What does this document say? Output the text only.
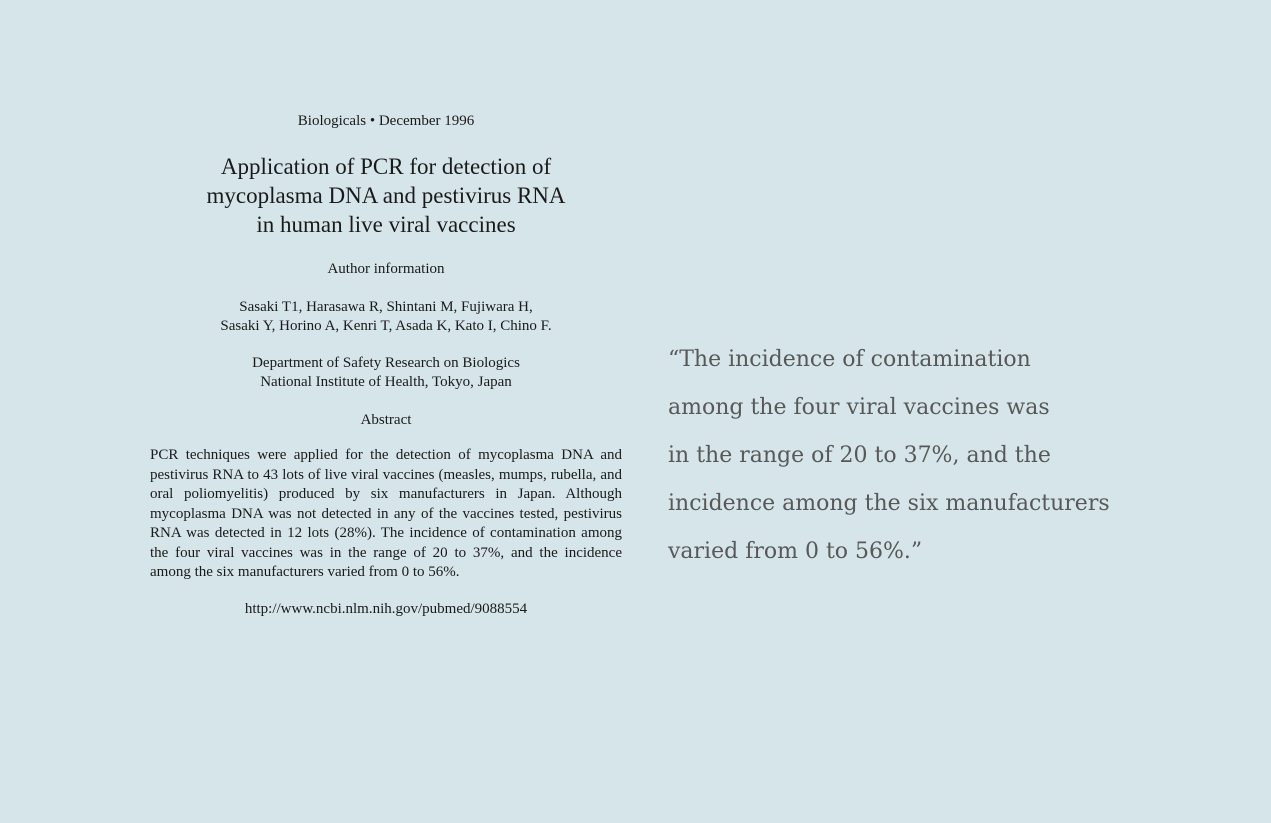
Biologicals • December 1996

Application of PCR for detection of
mycoplasma DNA and pestivirus RNA
in human live viral vaccines

Author information

Sasaki T1, Harasawa R, Shintani M, Fujiwara H,
Sasaki Y, Horino A, Kenri T, Asada K, Kato I, Chino F.

Department of Safety Research on Biologics
National Institute of Health, Tokyo, Japan

Abstract

PCR techniques were applied for the detection of mycoplasma DNA and pestivirus RNA to 43 lots of live viral vaccines (measles, mumps, rubella, and oral poliomyelitis) produced by six manufacturers in Japan. Although mycoplasma DNA was not detected in any of the vaccines tested, pestivirus RNA was detected in 12 lots (28%). The incidence of contamination among the four viral vaccines was in the range of 20 to 37%, and the incidence among the six manufacturers varied from 0 to 56%.

http://www.ncbi.nlm.nih.gov/pubmed/9088554

“The incidence of contamination
among the four viral vaccines was
in the range of 20 to 37%, and the
incidence among the six manufacturers
varied from 0 to 56%.”
